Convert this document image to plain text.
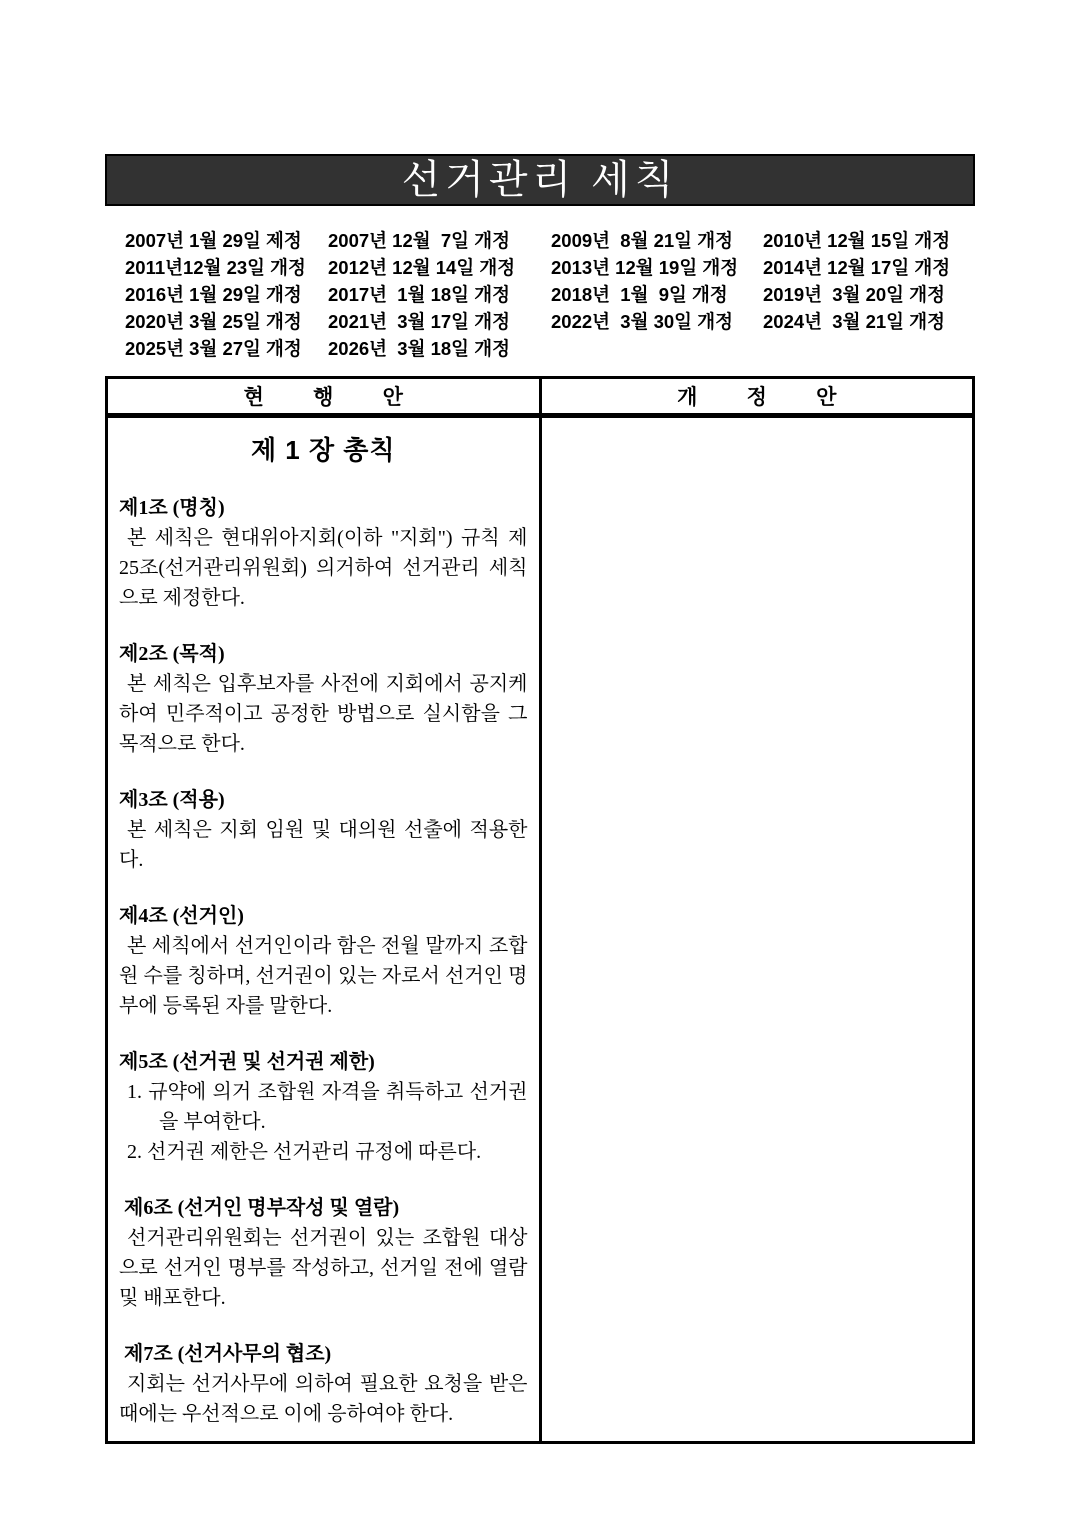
선거관리 세칙
2007년 1월 29일 제정	2007년 12월  7일 개정	2009년  8월 21일 개정	2010년 12월 15일 개정
2011년12월 23일 개정	2012년 12월 14일 개정	2013년 12월 19일 개정	2014년 12월 17일 개정
2016년 1월 29일 개정	2017년  1월 18일 개정	2018년  1월  9일 개정	2019년  3월 20일 개정
2020년 3월 25일 개정	2021년  3월 17일 개정	2022년  3월 30일 개정	2024년  3월 21일 개정
2025년 3월 27일 개정	2026년  3월 18일 개정
현 행 안	개 정 안

제 1 장 총칙
제1조 (명칭)
본 세칙은 현대위아지회(이하 "지회") 규칙 제25조(선거관리위원회) 의거하여 선거관리 세칙으로 제정한다.
제2조 (목적)
본 세칙은 입후보자를 사전에 지회에서 공지케 하여 민주적이고 공정한 방법으로 실시함을 그 목적으로 한다.
제3조 (적용)
본 세칙은 지회 임원 및 대의원 선출에 적용한다.
제4조 (선거인)
본 세칙에서 선거인이라 함은 전월 말까지 조합원 수를 칭하며, 선거권이 있는 자로서 선거인 명부에 등록된 자를 말한다.
제5조 (선거권 및 선거권 제한)
1. 규약에 의거 조합원 자격을 취득하고 선거권을 부여한다.
2. 선거권 제한은 선거관리 규정에 따른다.
제6조 (선거인 명부작성 및 열람)
선거관리위원회는 선거권이 있는 조합원 대상으로 선거인 명부를 작성하고, 선거일 전에 열람 및 배포한다.
제7조 (선거사무의 협조)
지회는 선거사무에 의하여 필요한 요청을 받은 때에는 우선적으로 이에 응하여야 한다.
